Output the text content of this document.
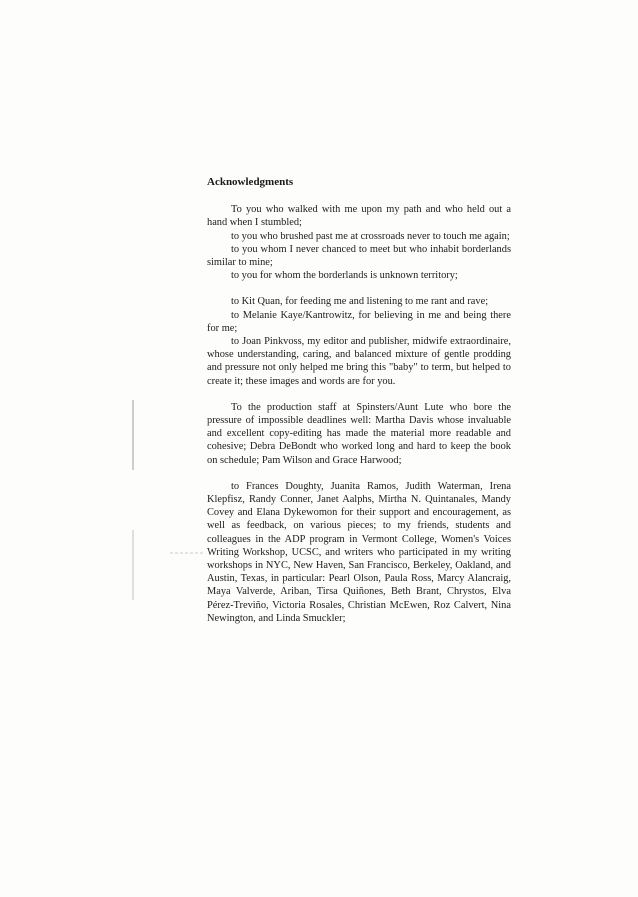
Acknowledgments

To you who walked with me upon my path and who held out a hand when I stumbled;

to you who brushed past me at crossroads never to touch me again;

to you whom I never chanced to meet but who inhabit borderlands similar to mine;

to you for whom the borderlands is unknown territory;

to Kit Quan, for feeding me and listening to me rant and rave;

to Melanie Kaye/Kantrowitz, for believing in me and being there for me;

to Joan Pinkvoss, my editor and publisher, midwife extraordinaire, whose understanding, caring, and balanced mixture of gentle prodding and pressure not only helped me bring this "baby" to term, but helped to create it; these images and words are for you.

To the production staff at Spinsters/Aunt Lute who bore the pressure of impossible deadlines well: Martha Davis whose invaluable and excellent copy-editing has made the material more readable and cohesive; Debra DeBondt who worked long and hard to keep the book on schedule; Pam Wilson and Grace Harwood;

to Frances Doughty, Juanita Ramos, Judith Waterman, Irena Klepfisz, Randy Conner, Janet Aalphs, Mirtha N. Quintanales, Mandy Covey and Elana Dykewomon for their support and encouragement, as well as feedback, on various pieces; to my friends, students and colleagues in the ADP program in Vermont College, Women's Voices Writing Workshop, UCSC, and writers who participated in my writing workshops in NYC, New Haven, San Francisco, Berkeley, Oakland, and Austin, Texas, in particular: Pearl Olson, Paula Ross, Marcy Alancraig, Maya Valverde, Ariban, Tirsa Quiñones, Beth Brant, Chrystos, Elva Pérez-Treviño, Victoria Rosales, Christian McEwen, Roz Calvert, Nina Newington, and Linda Smuckler;
